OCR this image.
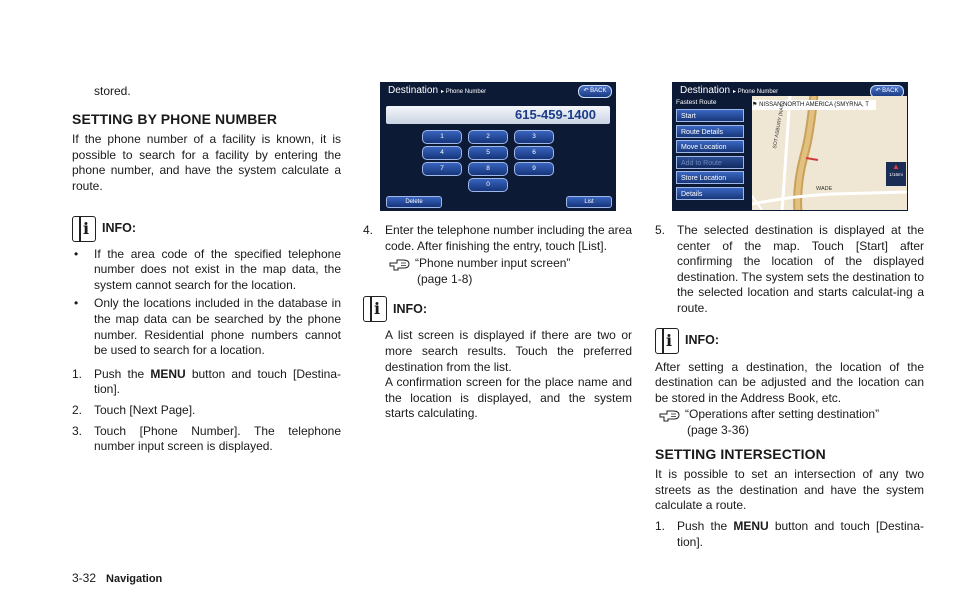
stored.

SETTING BY PHONE NUMBER

If the phone number of a facility is known, it is possible to search for a facility by entering the phone number, and have the system calculate a route.

i INFO:

• If the area code of the specified telephone number does not exist in the map data, the system cannot search for the location.

• Only the locations included in the database in the map data can be searched by the phone number. Residential phone numbers cannot be used to search for a location.

1. Push the MENU button and touch [Destina-tion].

2. Touch [Next Page].

3. Touch [Phone Number]. The telephone number input screen is displayed.

Destination ▸ Phone Number	↶ BACK
615-459-1400
1	2	3
4	5	6
7	8	9
0
Delete	List

4. Enter the telephone number including the area code. After finishing the entry, touch [List].

“Phone number input screen”
(page 1-8)
i INFO:

A list screen is displayed if there are two or more search results. Touch the preferred destination from the list.

A confirmation screen for the place name and the location is displayed, and the system starts calculating.

Destination ▸ Phone Number	↶ BACK
Fastest Route
Start
Route Details
Move Location
Add to Route
Store Location
Details
⚑ NISSAN NORTH AMERICA (SMYRNA, T
SOT ASBURY (NAIN)
WADE
▲
1/16mi

5. The selected destination is displayed at the center of the map. Touch [Start] after confirming the location of the displayed destination. The system sets the destination to the selected location and starts calculat-ing a route.

i INFO:

After setting a destination, the location of the destination can be adjusted and the location can be stored in the Address Book, etc.

“Operations after setting destination”
(page 3-36)
SETTING INTERSECTION

It is possible to set an intersection of any two streets as the destination and have the system calculate a route.

1. Push the MENU button and touch [Destina-tion].

3-32 Navigation
